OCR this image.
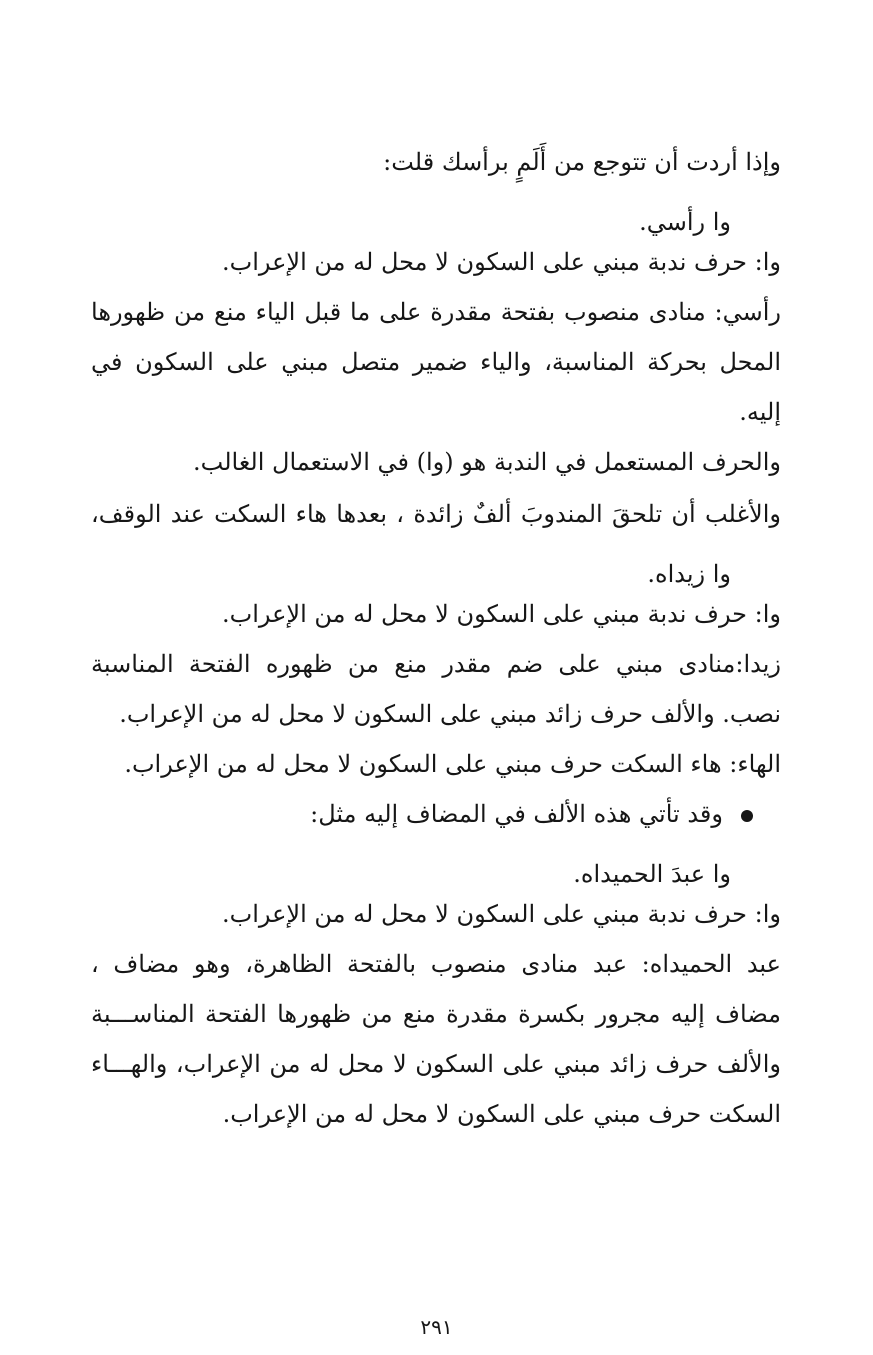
وإذا أردت أن تتوجع من أَلَمٍ برأسك قلت:
وا رأسي.
وا: حرف ندبة مبني على السكون لا محل له من الإعراب.
رأسي: منادى منصوب بفتحة مقدرة على ما قبل الياء منع من ظهورها
المحل بحركة المناسبة، والياء ضمير متصل مبني على السكون في
إليه.
والحرف المستعمل في الندبة هو (وا) في الاستعمال الغالب.
والأغلب أن تلحقَ المندوبَ ألفٌ زائدة ، بعدها هاء السكت عند الوقف،
وا زيداه.
وا: حرف ندبة مبني على السكون لا محل له من الإعراب.
زيدا:منادى مبني على ضم مقدر منع من ظهوره الفتحة المناسبة
نصب. والألف حرف زائد مبني على السكون لا محل له من الإعراب.
الهاء: هاء السكت حرف مبني على السكون لا محل له من الإعراب.
وقد تأتي هذه الألف في المضاف إليه مثل:
وا عبدَ الحميداه.
وا: حرف ندبة مبني على السكون لا محل له من الإعراب.
عبد الحميداه: عبد منادى منصوب بالفتحة الظاهرة، وهو مضاف ،
مضاف إليه مجرور بكسرة مقدرة منع من ظهورها الفتحة المناســـبة
والألف حرف زائد مبني على السكون لا محل له من الإعراب، والهـــاء
السكت حرف مبني على السكون لا محل له من الإعراب.
٢٩١
